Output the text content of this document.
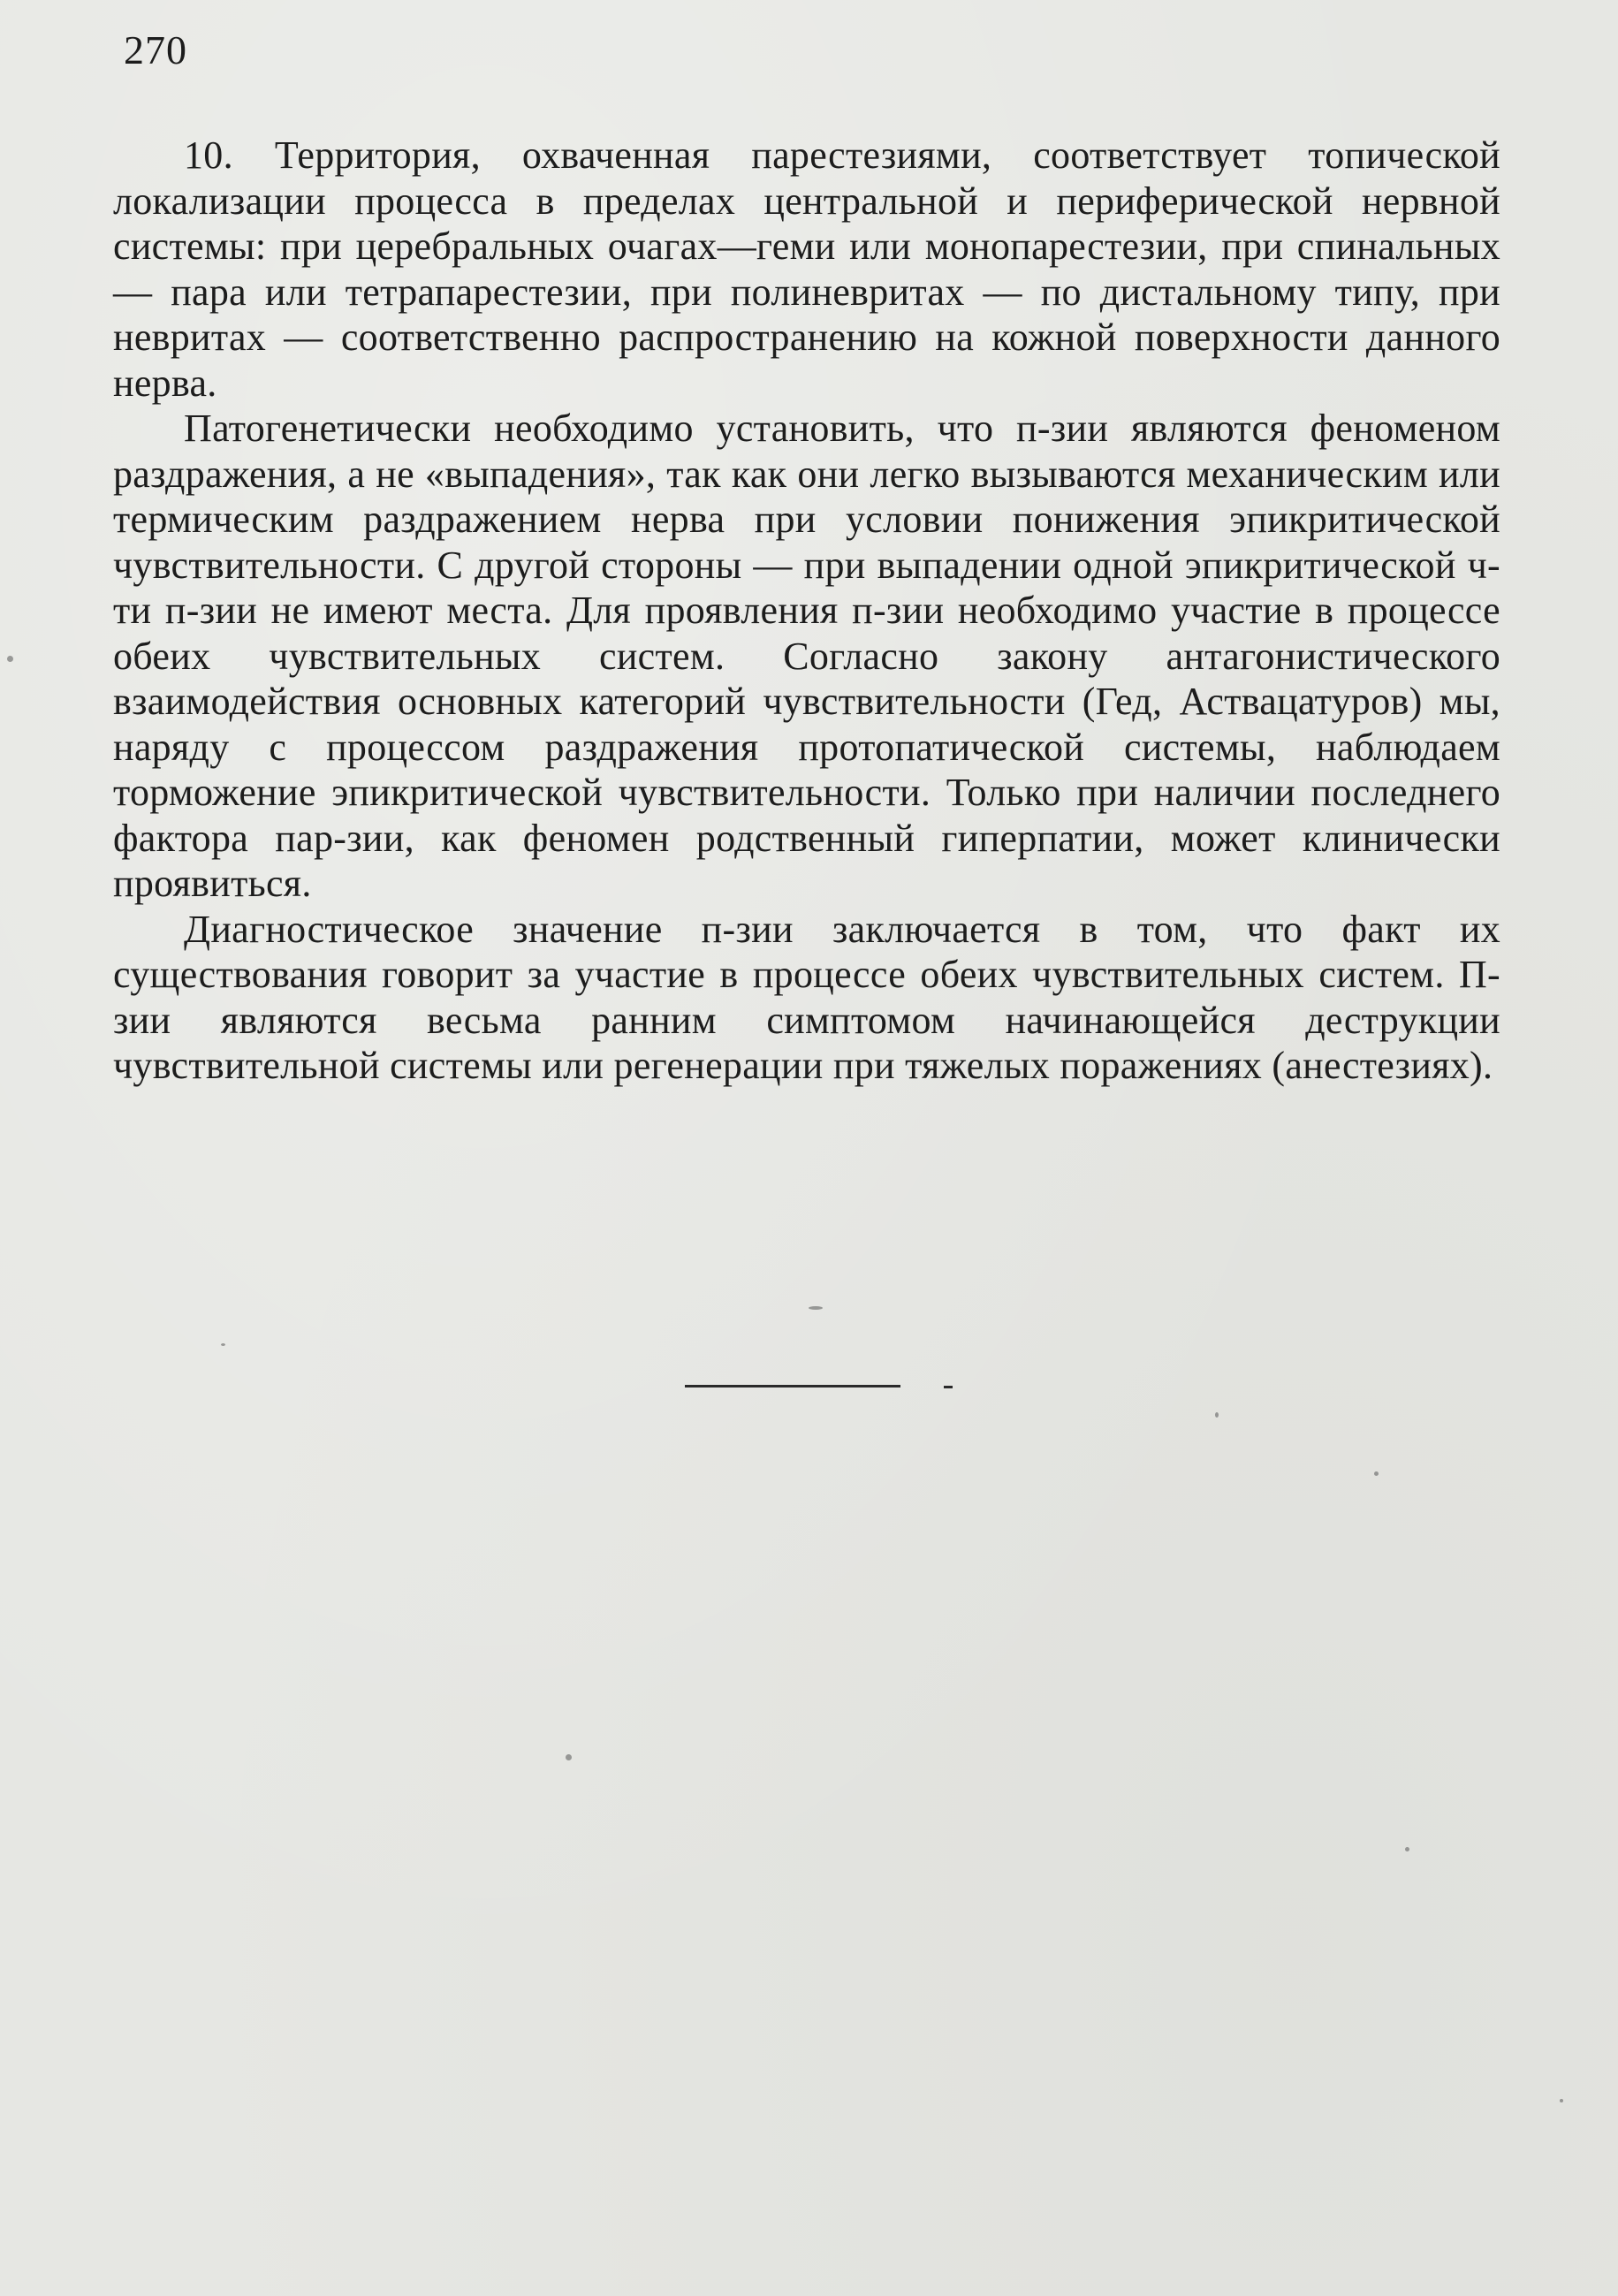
270

10. Территория, охваченная парестезиями, соответствует топической локализации процесса в пределах центральной и периферической нервной системы: при церебральных очагах—геми или монопарестезии, при спинальных — пара или тетрапарестезии, при полиневритах — по дистальному типу, при невритах — соответственно распространению на кожной поверхности данного нерва.

Патогенетически необходимо установить, что п-зии являются феноменом раздражения, а не «выпадения», так как они легко вызываются механическим или термическим раздражением нерва при условии понижения эпикритической чувствительности. С другой стороны — при выпадении одной эпикритической ч-ти п-зии не имеют места. Для проявления п-зии необходимо участие в процессе обеих чувствительных систем. Согласно закону антагонистического взаимодействия основных категорий чувствительности (Гед, Аствацатуров) мы, наряду с процессом раздражения протопатической системы, наблюдаем торможение эпикритической чувствительности. Только при наличии последнего фактора пар-зии, как феномен родственный гиперпатии, может клинически проявиться.

Диагностическое значение п-зии заключается в том, что факт их существования говорит за участие в процессе обеих чувствительных систем. П-зии являются весьма ранним симптомом начинающейся деструкции чувствительной системы или регенерации при тяжелых поражениях (анестезиях).
